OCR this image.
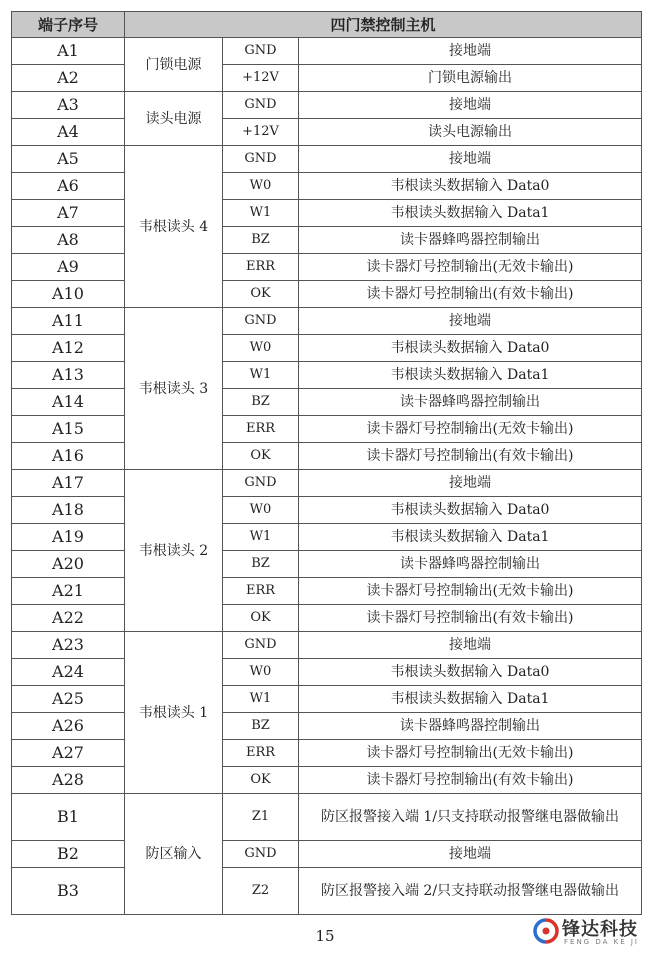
端子序号	四门禁控制主机		
A1	门锁电源	GND	接地端
A2		+12V	门锁电源输出
A3	读头电源	GND	接地端
A4		+12V	读头电源输出
A5	韦根读头 4	GND	接地端
A6		W0	韦根读头数据输入 Data0
A7		W1	韦根读头数据输入 Data1
A8		BZ	读卡器蜂鸣器控制输出
A9		ERR	读卡器灯号控制输出(无效卡输出)
A10		OK	读卡器灯号控制输出(有效卡输出)
A11	韦根读头 3	GND	接地端
A12		W0	韦根读头数据输入 Data0
A13		W1	韦根读头数据输入 Data1
A14		BZ	读卡器蜂鸣器控制输出
A15		ERR	读卡器灯号控制输出(无效卡输出)
A16		OK	读卡器灯号控制输出(有效卡输出)
A17	韦根读头 2	GND	接地端
A18		W0	韦根读头数据输入 Data0
A19		W1	韦根读头数据输入 Data1
A20		BZ	读卡器蜂鸣器控制输出
A21		ERR	读卡器灯号控制输出(无效卡输出)
A22		OK	读卡器灯号控制输出(有效卡输出)
A23	韦根读头 1	GND	接地端
A24		W0	韦根读头数据输入 Data0
A25		W1	韦根读头数据输入 Data1
A26		BZ	读卡器蜂鸣器控制输出
A27		ERR	读卡器灯号控制输出(无效卡输出)
A28		OK	读卡器灯号控制输出(有效卡输出)
B1	防区输入	Z1	防区报警接入端 1/只支持联动报警继电器做输出
B2		GND	接地端
B3		Z2	防区报警接入端 2/只支持联动报警继电器做输出
15	锋达科技
FENG DA KE JI
